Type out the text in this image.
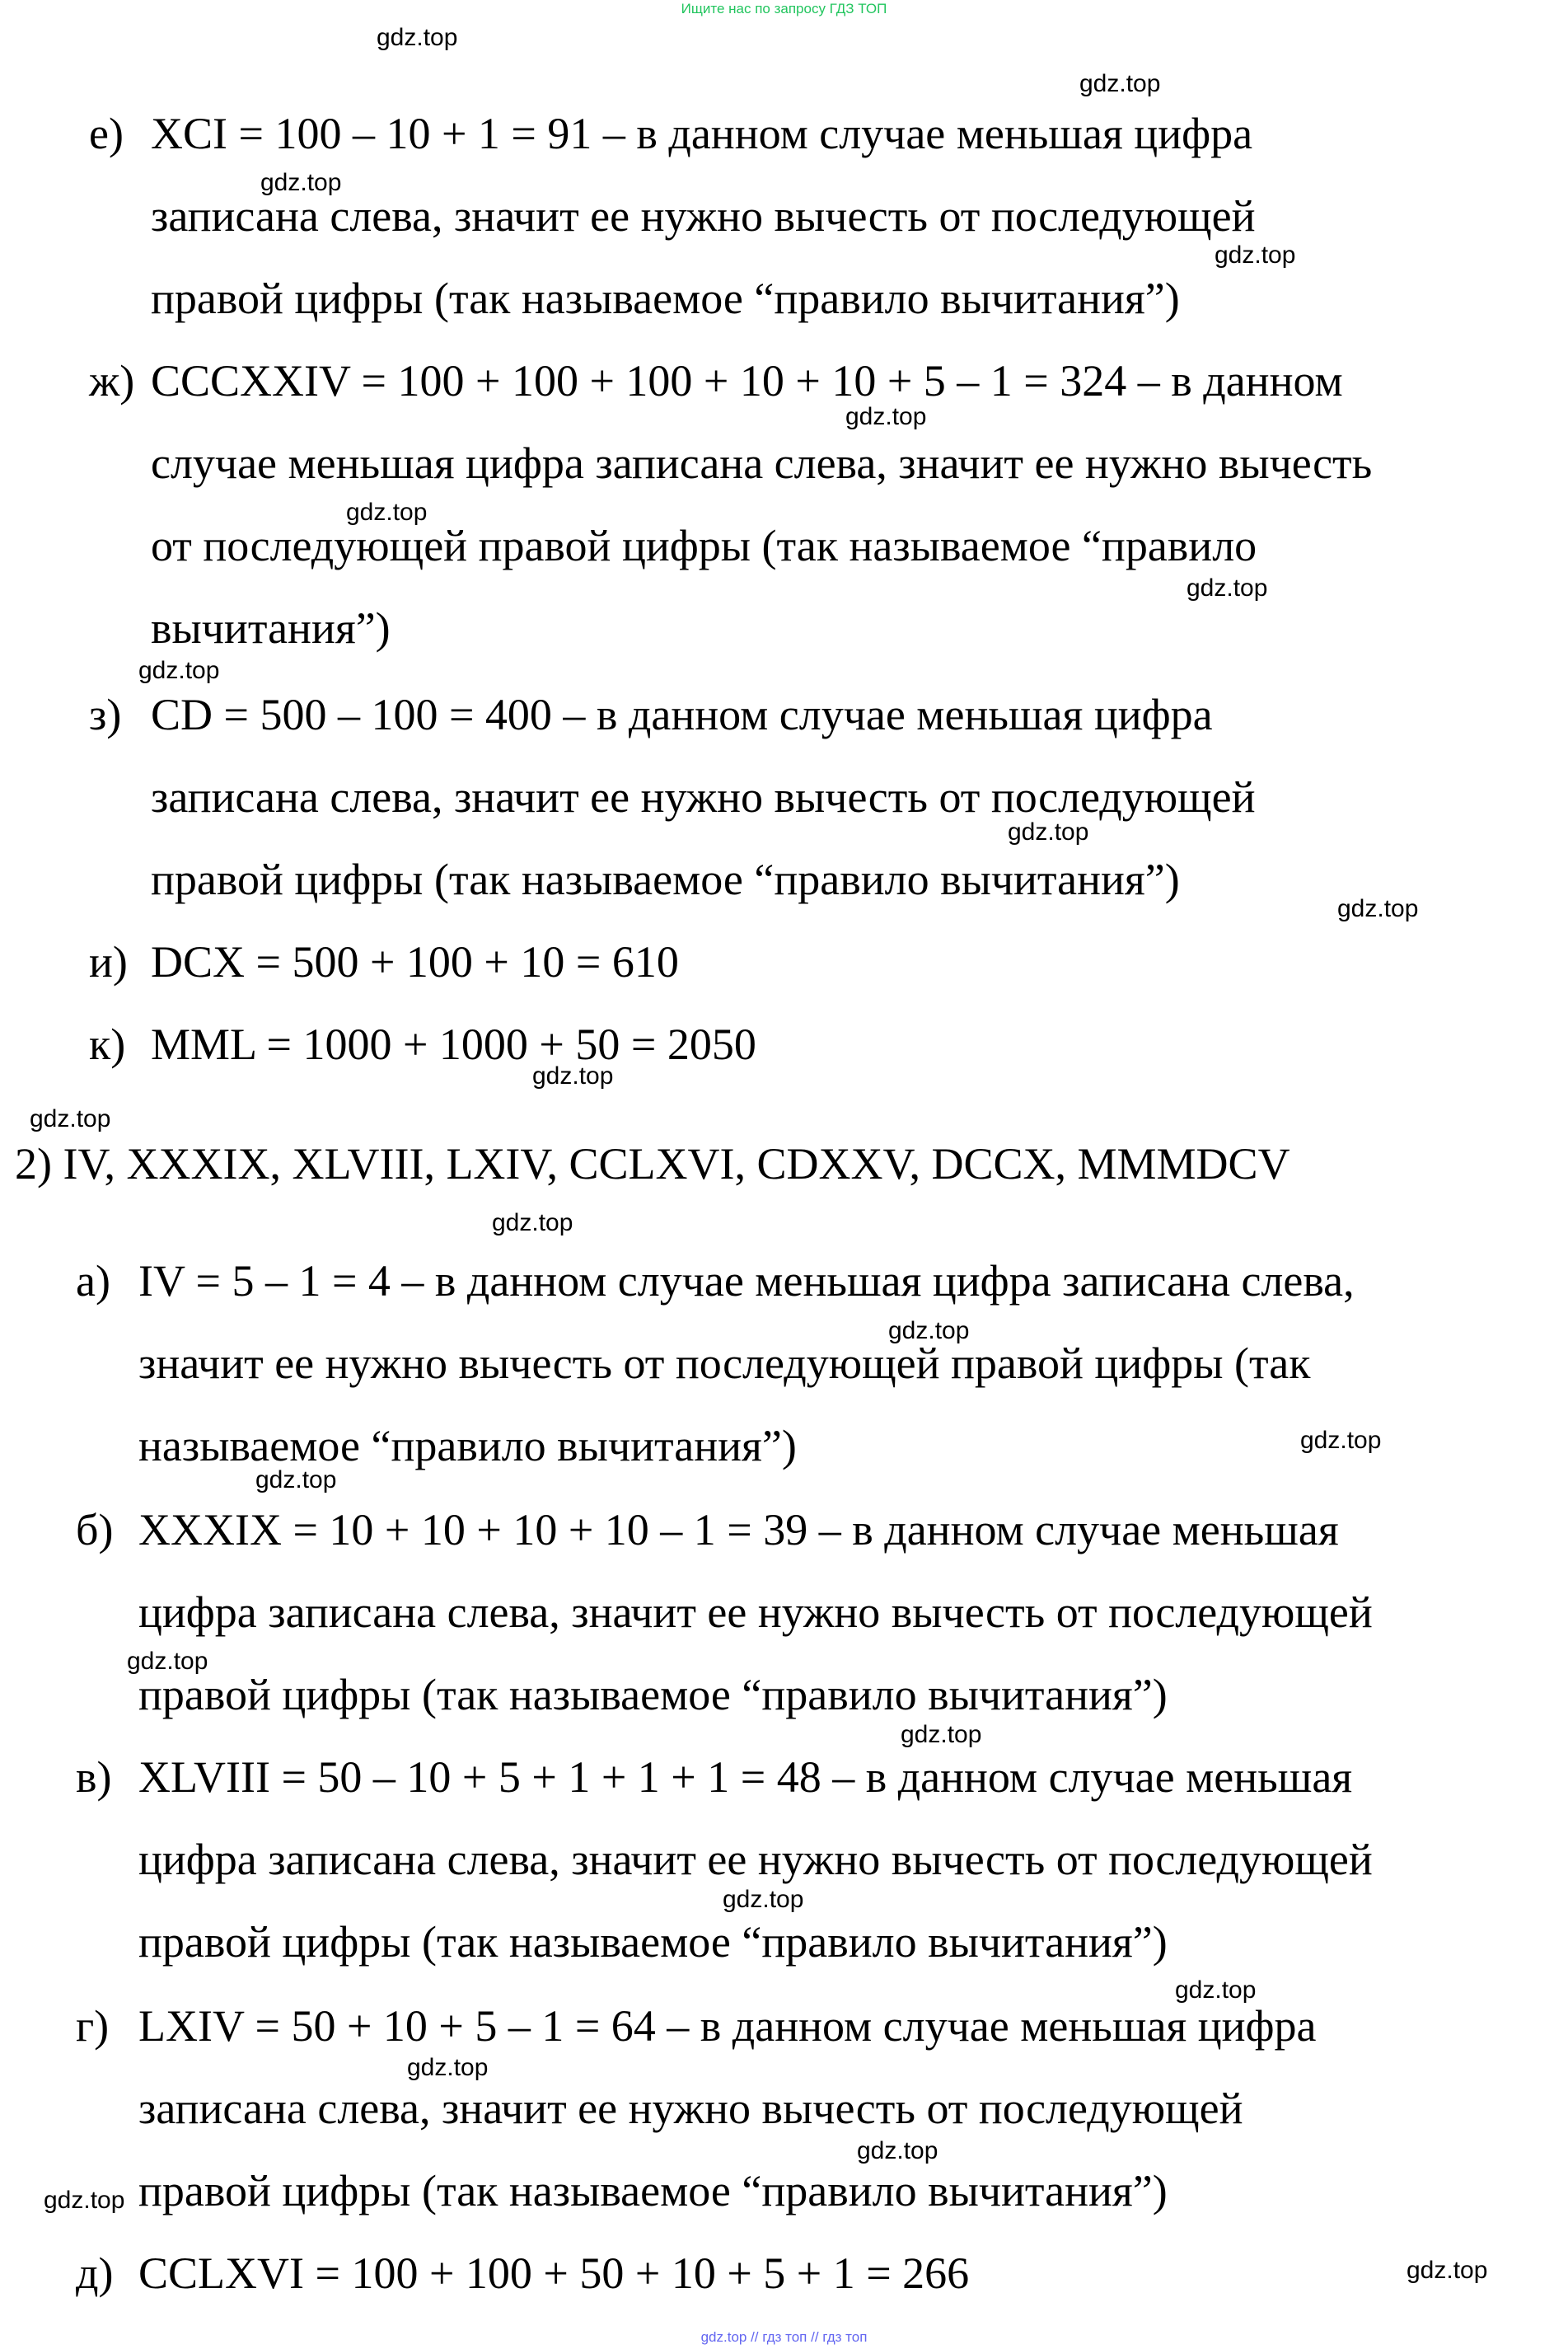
Ищите нас по запросу ГДЗ ТОП
е) XCI = 100 – 10 + 1 = 91 – в данном случае меньшая цифра
записана слева, значит ее нужно вычесть от последующей
правой цифры (так называемое “правило вычитания”)
ж) CCCXXIV = 100 + 100 + 100 + 10 + 10 + 5 – 1 = 324 – в данном
случае меньшая цифра записана слева, значит ее нужно вычесть
от последующей правой цифры (так называемое “правило
вычитания”)
з) CD = 500 – 100 = 400 – в данном случае меньшая цифра
записана слева, значит ее нужно вычесть от последующей
правой цифры (так называемое “правило вычитания”)
и) DCX = 500 + 100 + 10 = 610
к) MML = 1000 + 1000 + 50 = 2050
2) IV, XXXIX, XLVIII, LXIV, CCLXVI, CDXXV, DCCX, MMMDCV
а) IV = 5 – 1 = 4 – в данном случае меньшая цифра записана слева,
значит ее нужно вычесть от последующей правой цифры (так
называемое “правило вычитания”)
б) XXXIX = 10 + 10 + 10 + 10 – 1 = 39 – в данном случае меньшая
цифра записана слева, значит ее нужно вычесть от последующей
правой цифры (так называемое “правило вычитания”)
в) XLVIII = 50 – 10 + 5 + 1 + 1 + 1 = 48 – в данном случае меньшая
цифра записана слева, значит ее нужно вычесть от последующей
правой цифры (так называемое “правило вычитания”)
г) LXIV = 50 + 10 + 5 – 1 = 64 – в данном случае меньшая цифра
записана слева, значит ее нужно вычесть от последующей
правой цифры (так называемое “правило вычитания”)
д) CCLXVI = 100 + 100 + 50 + 10 + 5 + 1 = 266
gdz.top
gdz.top
gdz.top
gdz.top
gdz.top
gdz.top
gdz.top
gdz.top
gdz.top
gdz.top
gdz.top
gdz.top
gdz.top
gdz.top
gdz.top
gdz.top
gdz.top
gdz.top
gdz.top
gdz.top
gdz.top
gdz.top
gdz.top
gdz.top
gdz.top // гдз топ // гдз топ
